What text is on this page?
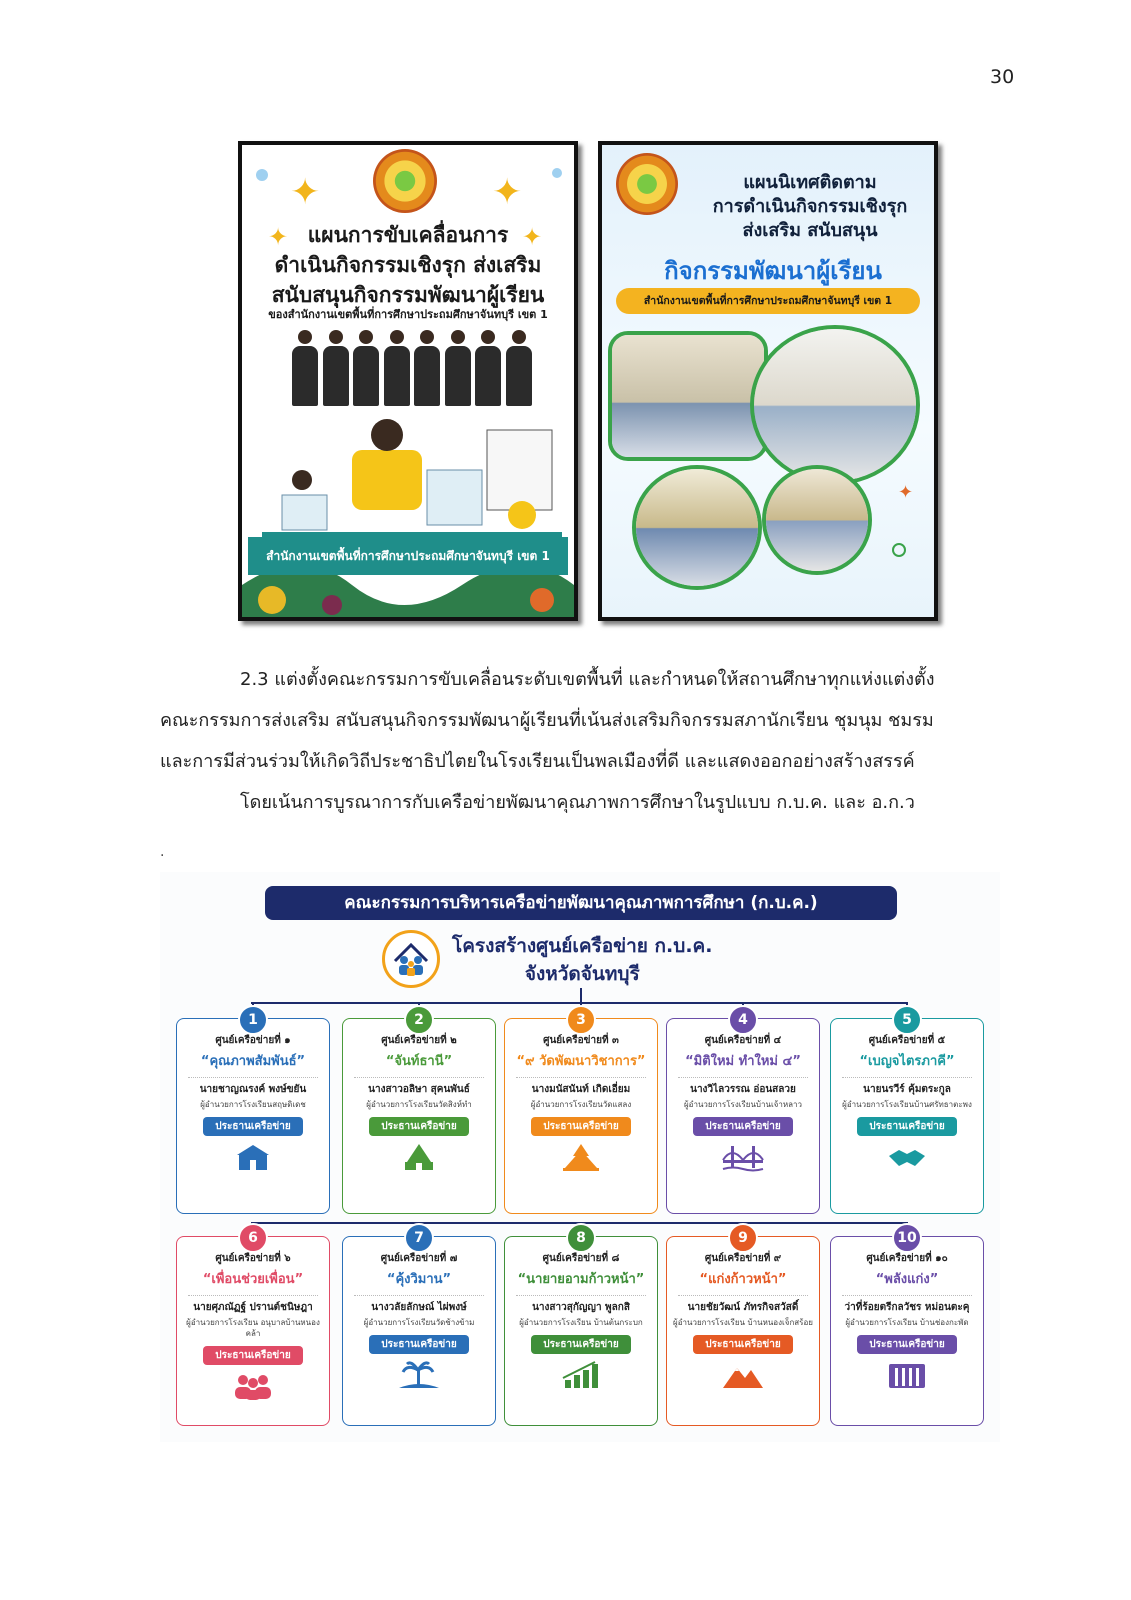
30
✦	✦
✦	✦
แผนการขับเคลื่อนการ
ดำเนินกิจกรรมเชิงรุก ส่งเสริม
สนับสนุนกิจกรรมพัฒนาผู้เรียน
ของสำนักงานเขตพื้นที่การศึกษาประถมศึกษาจันทบุรี เขต 1
สำนักงานเขตพื้นที่การศึกษาประถมศึกษาจันทบุรี เขต 1
แผนนิเทศติดตาม
การดำเนินกิจกรรมเชิงรุก
ส่งเสริม สนับสนุน
กิจกรรมพัฒนาผู้เรียน
สำนักงานเขตพื้นที่การศึกษาประถมศึกษาจันทบุรี เขต 1
✦

2.3 แต่งตั้งคณะกรรมการขับเคลื่อนระดับเขตพื้นที่ และกำหนดให้สถานศึกษาทุกแห่งแต่งตั้ง

คณะกรรมการส่งเสริม สนับสนุนกิจกรรมพัฒนาผู้เรียนที่เน้นส่งเสริมกิจกรรมสภานักเรียน ชุมนุม ชมรม

และการมีส่วนร่วมให้เกิดวิถีประชาธิปไตยในโรงเรียนเป็นพลเมืองที่ดี และแสดงออกอย่างสร้างสรรค์

โดยเน้นการบูรณาการกับเครือข่ายพัฒนาคุณภาพการศึกษาในรูปแบบ ก.บ.ค. และ อ.ก.ว

.
คณะกรรมการบริหารเครือข่ายพัฒนาคุณภาพการศึกษา (ก.บ.ค.)
โครงสร้างศูนย์เครือข่าย ก.บ.ค.
จังหวัดจันทบุรี
1
ศูนย์เครือข่ายที่ ๑
“คุณภาพสัมพันธ์”
นายชาญณรงค์ พงษ์ขยัน
ผู้อำนวยการโรงเรียนสฤษดิเดช
ประธานเครือข่าย
2
ศูนย์เครือข่ายที่ ๒
“จันท์ธานี”
นางสาวอลิษา สุคนพันธ์
ผู้อำนวยการโรงเรียนวัดสิงห์ทำ
ประธานเครือข่าย
3
ศูนย์เครือข่ายที่ ๓
“๙ วัดพัฒนาวิชาการ”
นางมนัสนันท์ เกิดเอี่ยม
ผู้อำนวยการโรงเรียนวัดแสลง
ประธานเครือข่าย
4
ศูนย์เครือข่ายที่ ๔
“มิติใหม่ ทำใหม่ ๔”
นางวิไลวรรณ อ่อนสลวย
ผู้อำนวยการโรงเรียนบ้านเจ้าหลาว
ประธานเครือข่าย
5
ศูนย์เครือข่ายที่ ๕
“เบญจไตรภาคี”
นายนรวีร์ คุ้มตระกูล
ผู้อำนวยการโรงเรียนบ้านศรัทธาตะพง
ประธานเครือข่าย
6
ศูนย์เครือข่ายที่ ๖
“เพื่อนช่วยเพื่อน”
นายศุภณัฏฐ์ ปรานต์ชนิษฎา
ผู้อำนวยการโรงเรียน อนุบาลบ้านหนองคล้า
ประธานเครือข่าย
7
ศูนย์เครือข่ายที่ ๗
“คุ้งวิมาน”
นางวลัยลักษณ์ ไผ่พงษ์
ผู้อำนวยการโรงเรียนวัดช้างข้าม
ประธานเครือข่าย
8
ศูนย์เครือข่ายที่ ๘
“นายายอามก้าวหน้า”
นางสาวสุกัญญา พูลกสิ
ผู้อำนวยการโรงเรียน บ้านต้นกระบก
ประธานเครือข่าย
9
ศูนย์เครือข่ายที่ ๙
“แก่งก้าวหน้า”
นายชัยวัฒน์ ภัทรกิจสวัสดิ์
ผู้อำนวยการโรงเรียน บ้านหนองเจ็กสร้อย
ประธานเครือข่าย
10
ศูนย์เครือข่ายที่ ๑๐
“พลังแก่ง”
ว่าที่ร้อยตรีกลวัชร หม่อนตะคุ
ผู้อำนวยการโรงเรียน บ้านช่องกะพัด
ประธานเครือข่าย
